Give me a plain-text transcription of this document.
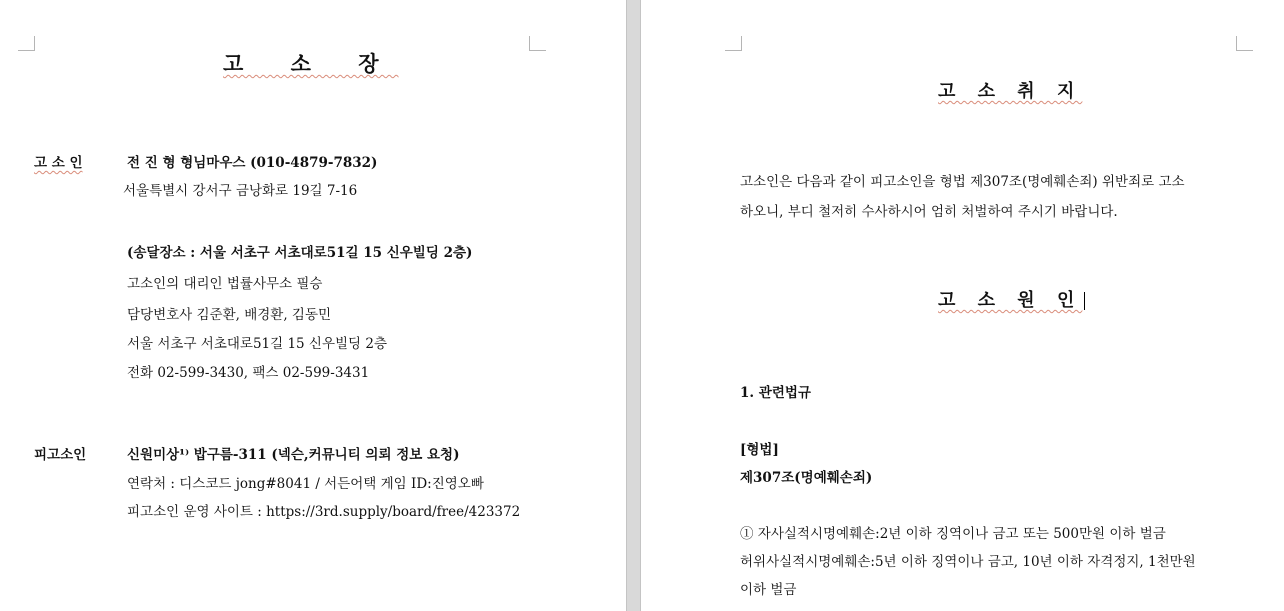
고 소 장
고 소 인	전 진 형 형님마우스 (010-4879-7832)
서울특별시 강서구 금낭화로 19길 7-16
(송달장소 : 서울 서초구 서초대로51길 15 신우빌딩 2층)
고소인의 대리인 법률사무소 필승
담당변호사 김준환, 배경환, 김동민
서울 서초구 서초대로51길 15 신우빌딩 2층
전화 02-599-3430, 팩스 02-599-3431
피고소인	신원미상¹⁾ 밥구름-311 (넥슨,커뮤니티 의뢰 정보 요청)
연락처 : 디스코드 jong#8041 / 서든어택 게임 ID:진영오빠
피고소인 운영 사이트 : https://3rd.supply/board/free/423372
고 소 취 지
고소인은 다음과 같이 피고소인을 형법 제307조(명예훼손죄) 위반죄로 고소
하오니, 부디 철저히 수사하시어 엄히 처벌하여 주시기 바랍니다.
고 소 원 인
1. 관련법규
[형법]
제307조(명예훼손죄)
① 자사실적시명예훼손:2년 이하 징역이나 금고 또는 500만원 이하 벌금
허위사실적시명예훼손:5년 이하 징역이나 금고, 10년 이하 자격정지, 1천만원
이하 벌금
